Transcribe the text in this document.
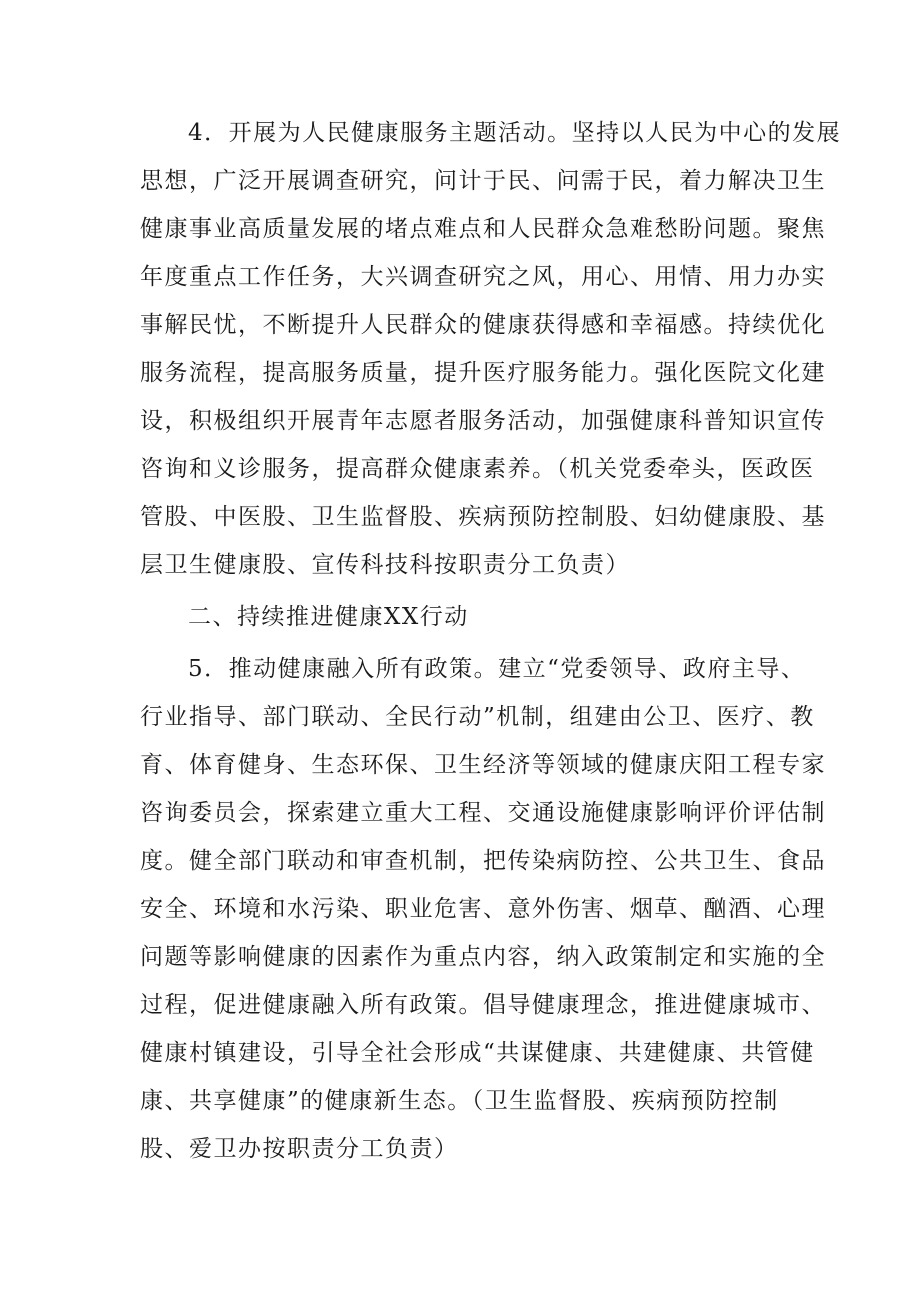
4．开展为人民健康服务主题活动。坚持以人民为中心的发展
思想，广泛开展调查研究，问计于民、问需于民，着力解决卫生
健康事业高质量发展的堵点难点和人民群众急难愁盼问题。聚焦
年度重点工作任务，大兴调查研究之风，用心、用情、用力办实
事解民忧，不断提升人民群众的健康获得感和幸福感。持续优化
服务流程，提高服务质量，提升医疗服务能力。强化医院文化建
设，积极组织开展青年志愿者服务活动，加强健康科普知识宣传
咨询和义诊服务，提高群众健康素养。（机关党委牵头，医政医
管股、中医股、卫生监督股、疾病预防控制股、妇幼健康股、基
层卫生健康股、宣传科技科按职责分工负责）
二、持续推进健康XX行动
5．推动健康融入所有政策。建立“党委领导、政府主导、
行业指导、部门联动、全民行动”机制，组建由公卫、医疗、教
育、体育健身、生态环保、卫生经济等领域的健康庆阳工程专家
咨询委员会，探索建立重大工程、交通设施健康影响评价评估制
度。健全部门联动和审查机制，把传染病防控、公共卫生、食品
安全、环境和水污染、职业危害、意外伤害、烟草、酗酒、心理
问题等影响健康的因素作为重点内容，纳入政策制定和实施的全
过程，促进健康融入所有政策。倡导健康理念，推进健康城市、
健康村镇建设，引导全社会形成“共谋健康、共建健康、共管健
康、共享健康”的健康新生态。（卫生监督股、疾病预防控制
股、爱卫办按职责分工负责）
